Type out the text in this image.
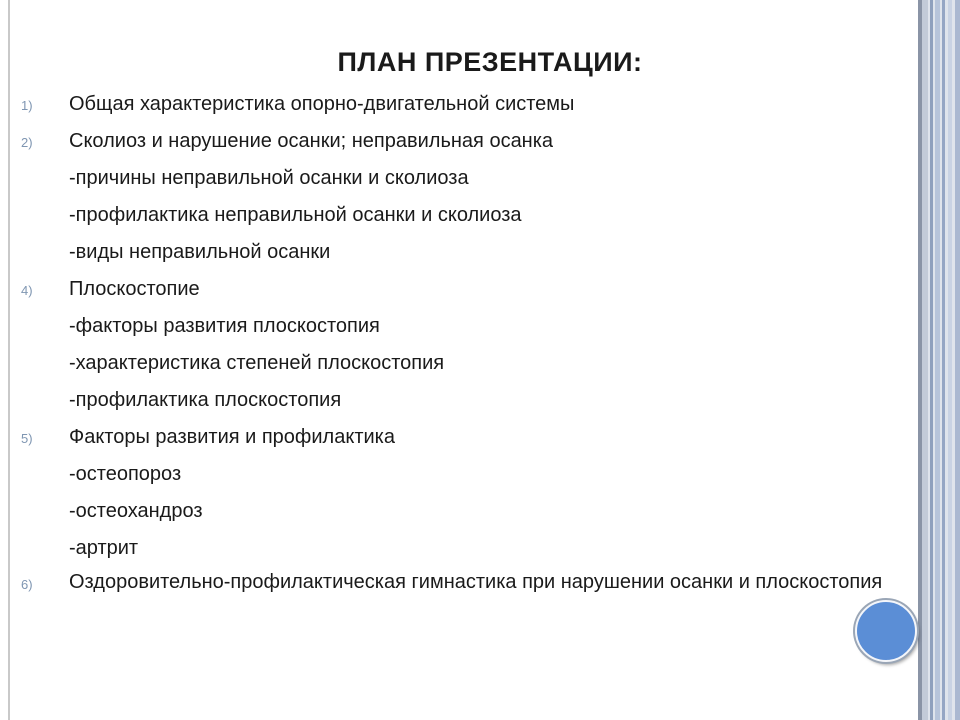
ПЛАН ПРЕЗЕНТАЦИИ:
1) Общая характеристика опорно-двигательной системы
2) Сколиоз и нарушение осанки; неправильная осанка
-причины неправильной осанки и сколиоза
-профилактика неправильной осанки и сколиоза
-виды неправильной осанки
4) Плоскостопие
-факторы развития плоскостопия
-характеристика степеней плоскостопия
-профилактика плоскостопия
5) Факторы развития и профилактика
-остеопороз
-остеохандроз
-артрит
6)	Оздоровительно-профилактическая гимнастика при нарушении осанки и плоскостопия
